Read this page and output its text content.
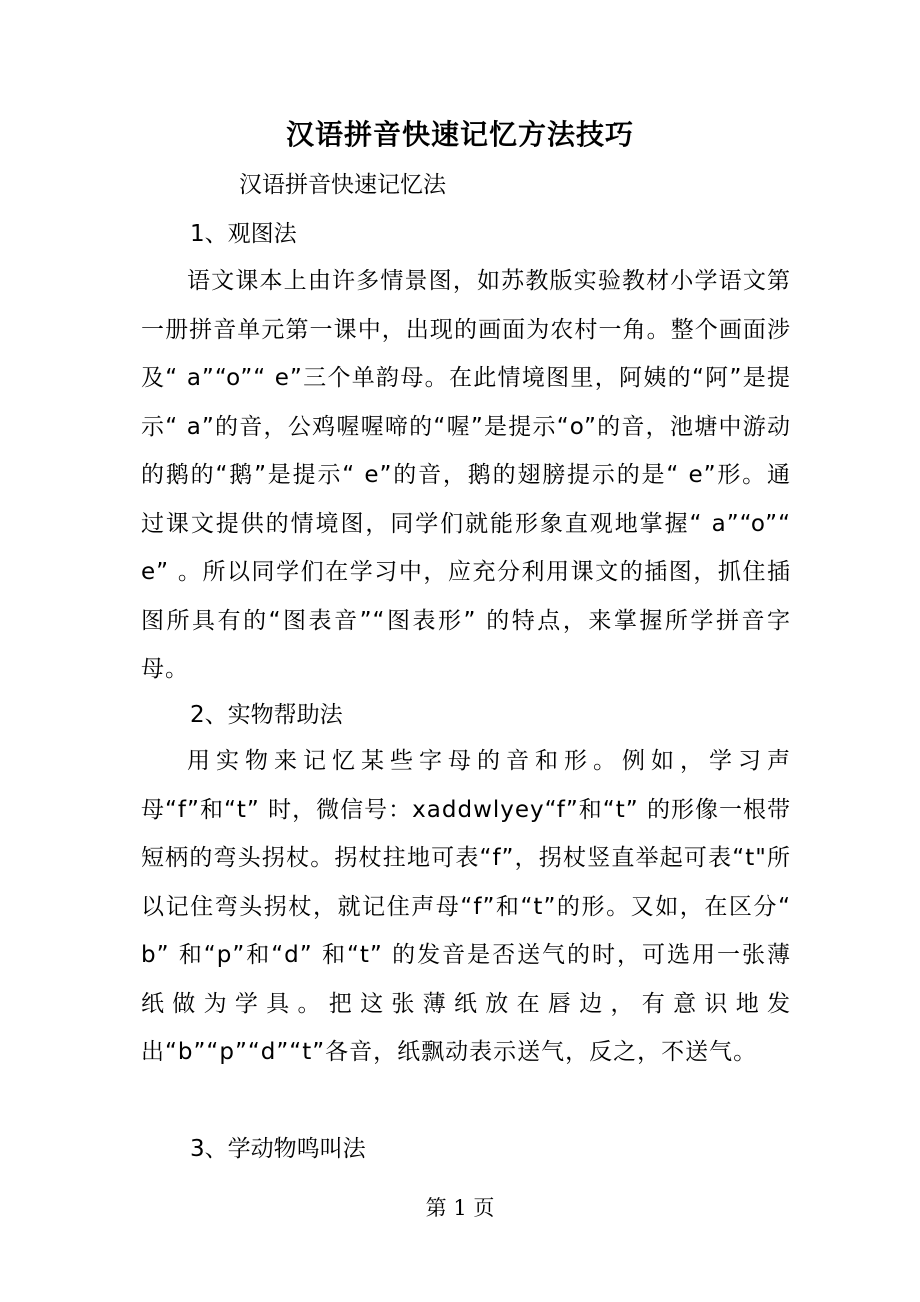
汉语拼音快速记忆方法技巧
汉语拼音快速记忆法
1、观图法
语文课本上由许多情景图，如苏教版实验教材小学语文第一册拼音单元第一课中，出现的画面为农村一角。整个画面涉及“ a”“o”“ e”三个单韵母。在此情境图里，阿姨的“阿”是提示“ a”的音，公鸡喔喔啼的“喔”是提示“o”的音，池塘中游动的鹅的“鹅”是提示“ e”的音，鹅的翅膀提示的是“ e”形。通过课文提供的情境图，同学们就能形象直观地掌握“ a”“o”“ e” 。所以同学们在学习中，应充分利用课文的插图，抓住插图所具有的“图表音”“图表形” 的特点，来掌握所学拼音字母。
2、实物帮助法
用实物来记忆某些字母的音和形。例如，学习声母“f”和“t” 时，微信号：xaddwlyey“f”和“t” 的形像一根带短柄的弯头拐杖。拐杖拄地可表“f”，拐杖竖直举起可表“t"所以记住弯头拐杖，就记住声母“f”和“t”的形。又如，在区分“ b” 和“p”和“d” 和“t” 的发音是否送气的时，可选用一张薄纸做为学具。把这张薄纸放在唇边，有意识地发出“b”“p”“d”“t”各音，纸飘动表示送气，反之，不送气。
3、学动物鸣叫法
第 1 页
